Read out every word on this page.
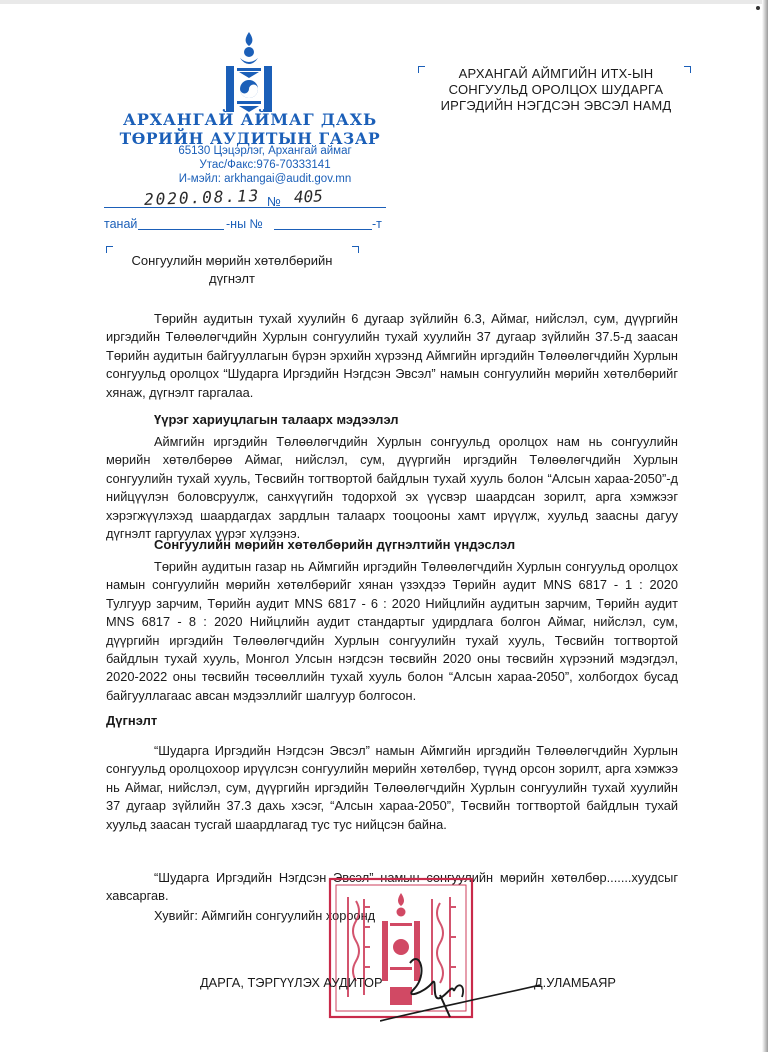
АРХАНГАЙ АЙМАГ ДАХЬ
ТӨРИЙН АУДИТЫН ГАЗАР
65130 Цэцэрлэг, Архангай аймаг
Утас/Факс:976-70333141
И-мэйл: arkhangai@audit.gov.mn
2020.08.13 № 405
танай	-ны №	-т
АРХАНГАЙ АЙМГИЙН ИТХ-ЫН
СОНГУУЛЬД ОРОЛЦОХ ШУДАРГА
ИРГЭДИЙН НЭГДСЭН ЭВСЭЛ НАМД
Сонгуулийн мөрийн хөтөлбөрийн
дүгнэлт

Төрийн аудитын тухай хуулийн 6 дугаар зүйлийн 6.3, Аймаг, нийслэл, сум, дүүргийн иргэдийн Төлөөлөгчдийн Хурлын сонгуулийн тухай хуулийн 37 дугаар зүйлийн 37.5-д заасан Төрийн аудитын байгууллагын бүрэн эрхийн хүрээнд Аймгийн иргэдийн Төлөөлөгчдийн Хурлын сонгуульд оролцох “Шударга Иргэдийн Нэгдсэн Эвсэл” намын сонгуулийн мөрийн хөтөлбөрийг хянаж, дүгнэлт гаргалаа.

Үүрэг хариуцлагын талаарх мэдээлэл

Аймгийн иргэдийн Төлөөлөгчдийн Хурлын сонгуульд оролцох нам нь сонгуулийн мөрийн хөтөлбөрөө Аймаг, нийслэл, сум, дүүргийн иргэдийн Төлөөлөгчдийн Хурлын сонгуулийн тухай хууль, Төсвийн тогтвортой байдлын тухай хууль болон “Алсын хараа-2050”-д нийцүүлэн боловсруулж, санхүүгийн тодорхой эх үүсвэр шаардсан зорилт, арга хэмжээг хэрэгжүүлэхэд шаардагдах зардлын талаарх тооцооны хамт ирүүлж, хуульд заасны дагуу дүгнэлт гаргуулах үүрэг хүлээнэ.

Сонгуулийн мөрийн хөтөлбөрийн дүгнэлтийн үндэслэл

Төрийн аудитын газар нь Аймгийн иргэдийн Төлөөлөгчдийн Хурлын сонгуульд оролцох намын сонгуулийн мөрийн хөтөлбөрийг хянан үзэхдээ Төрийн аудит MNS 6817 - 1 : 2020 Тулгуур зарчим, Төрийн аудит MNS 6817 - 6 : 2020 Нийцлийн аудитын зарчим, Төрийн аудит MNS 6817 - 8 : 2020 Нийцлийн аудит стандартыг удирдлага болгон Аймаг, нийслэл, сум, дүүргийн иргэдийн Төлөөлөгчдийн Хурлын сонгуулийн тухай хууль, Төсвийн тогтвортой байдлын тухай хууль, Монгол Улсын нэгдсэн төсвийн 2020 оны төсвийн хүрээний мэдэгдэл, 2020-2022 оны төсвийн төсөөллийн тухай хууль болон “Алсын хараа-2050”, холбогдох бусад байгууллагаас авсан мэдээллийг шалгуур болгосон.

Дүгнэлт

“Шударга Иргэдийн Нэгдсэн Эвсэл” намын Аймгийн иргэдийн Төлөөлөгчдийн Хурлын сонгуульд оролцохоор ирүүлсэн сонгуулийн мөрийн хөтөлбөр, түүнд орсон зорилт, арга хэмжээ нь Аймаг, нийслэл, сум, дүүргийн иргэдийн Төлөөлөгчдийн Хурлын сонгуулийн тухай хуулийн 37 дугаар зүйлийн 37.3 дахь хэсэг, “Алсын хараа-2050”, Төсвийн тогтвортой байдлын тухай хуульд заасан тусгай шаардлагад тус тус нийцсэн байна.

“Шударга Иргэдийн Нэгдсэн Эвсэл” намын сонгуулийн мөрийн хөтөлбөр.......хуудсыг хавсаргав.

Хувийг: Аймгийн сонгуулийн хороонд

ДАРГА, ТЭРГҮҮЛЭХ АУДИТОР	Д.УЛАМБАЯР
